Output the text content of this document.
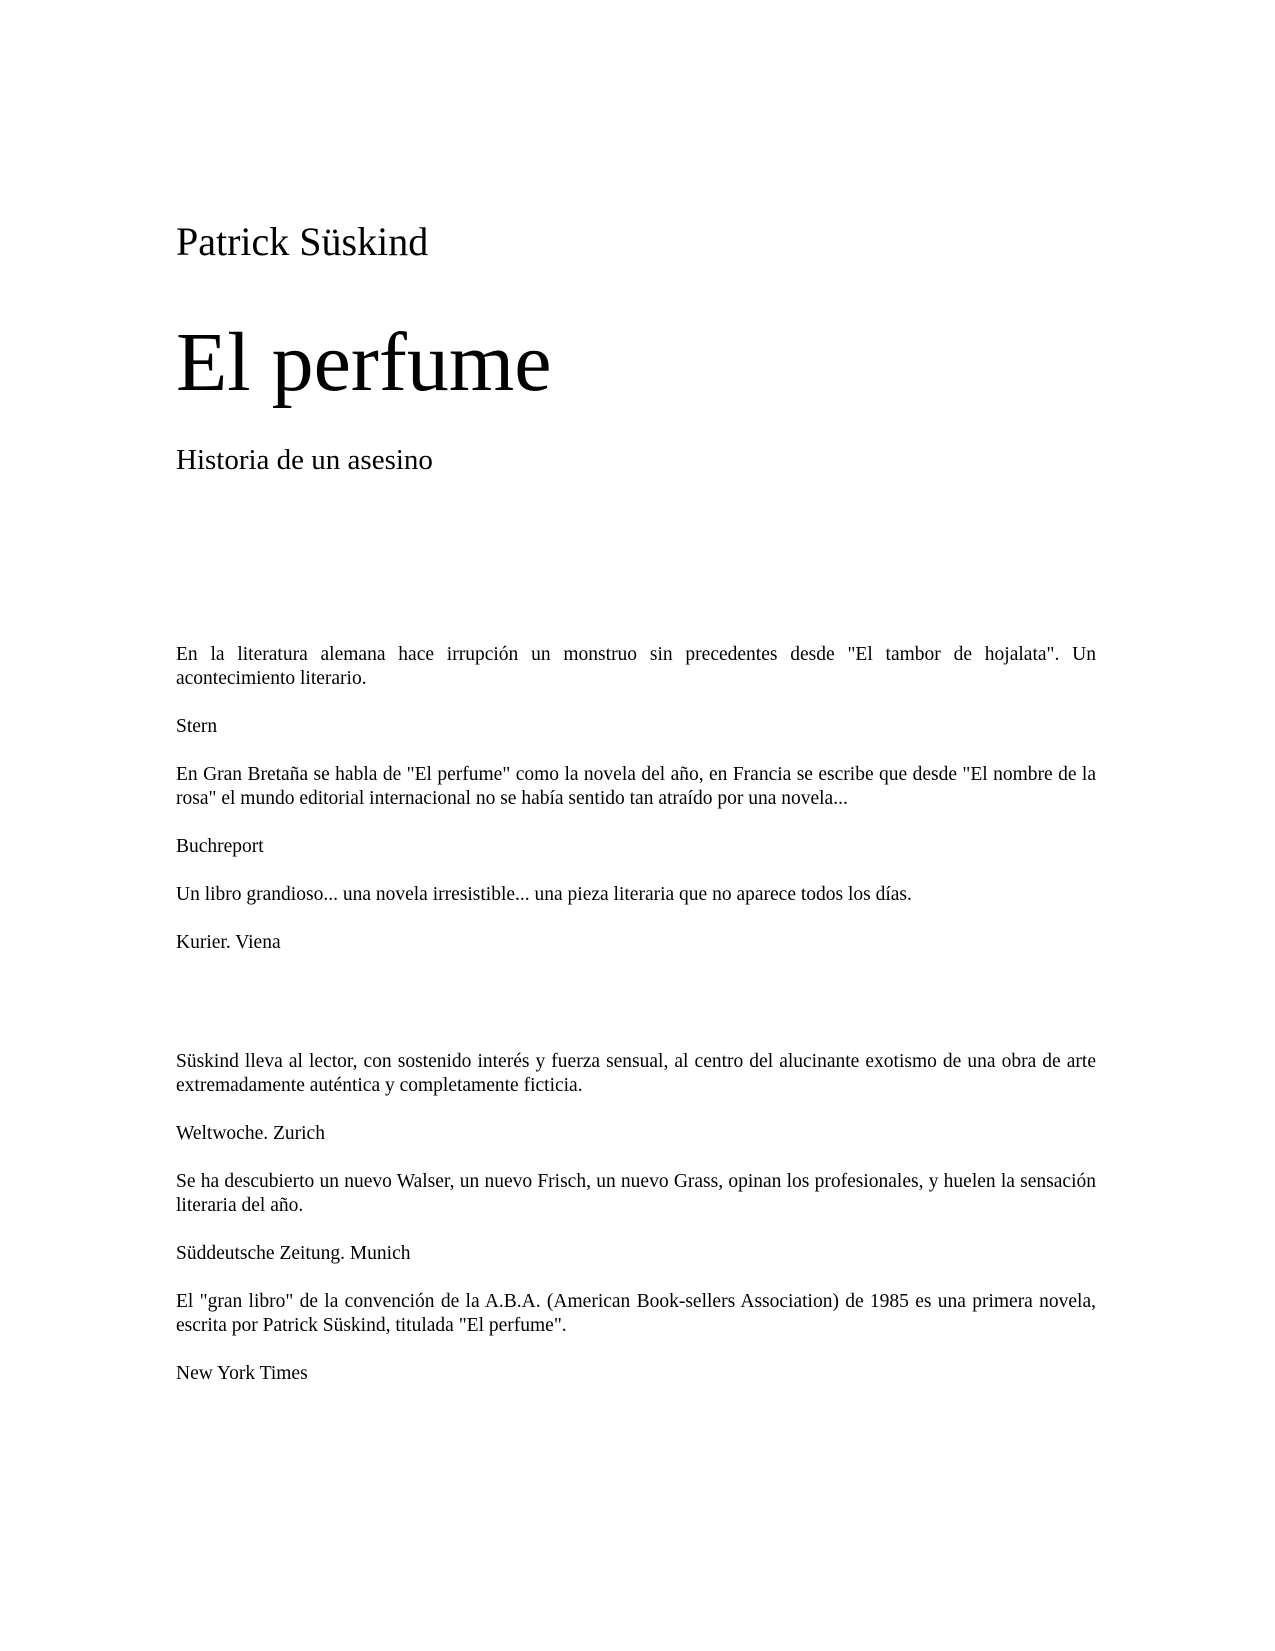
Patrick Süskind
El perfume
Historia de un asesino

En la literatura alemana hace irrupción un monstruo sin precedentes desde "El tambor de hojalata". Un acontecimiento literario.

Stern

En Gran Bretaña se habla de "El perfume" como la novela del año, en Francia se escribe que desde "El nombre de la rosa" el mundo editorial internacional no se había sentido tan atraído por una novela...

Buchreport

Un libro grandioso... una novela irresistible... una pieza literaria que no aparece todos los días.

Kurier. Viena

Süskind lleva al lector, con sostenido interés y fuerza sensual, al centro del alucinante exotismo de una obra de arte extremadamente auténtica y completamente ficticia.

Weltwoche. Zurich

Se ha descubierto un nuevo Walser, un nuevo Frisch, un nuevo Grass, opinan los profesionales, y huelen la sensación literaria del año.

Süddeutsche Zeitung. Munich

El "gran libro" de la convención de la A.B.A. (American Book-sellers Association) de 1985 es una primera novela, escrita por Patrick Süskind, titulada "El perfume".

New York Times
